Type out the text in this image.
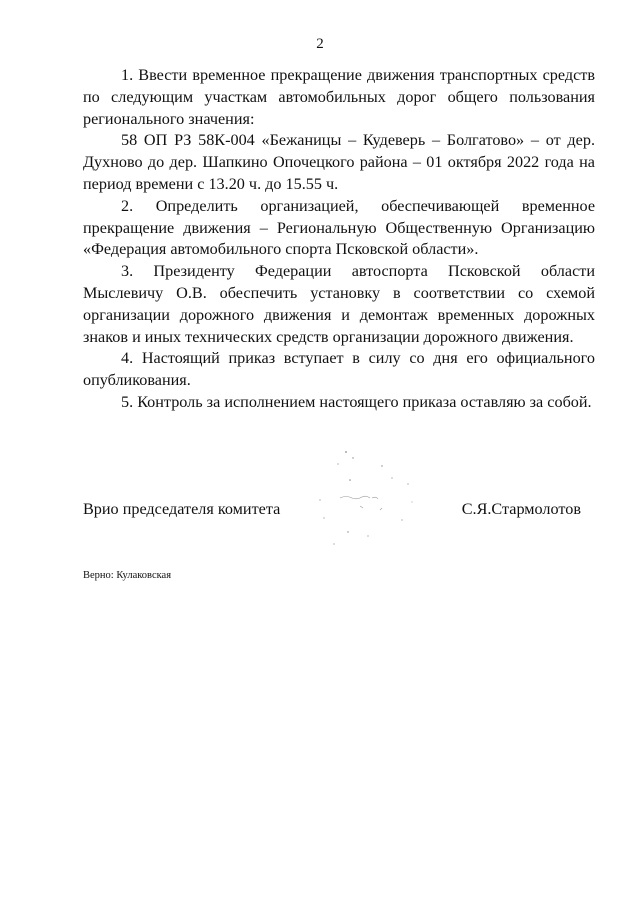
2

1. Ввести временное прекращение движения транспортных средств по следующим участкам автомобильных дорог общего пользования регионального значения:

58 ОП РЗ 58К-004 «Бежаницы – Кудеверь – Болгатово» – от дер. Духново до дер. Шапкино Опочецкого района – 01 октября 2022 года на период времени с 13.20 ч. до 15.55 ч.

2. Определить организацией, обеспечивающей временное прекращение движения – Региональную Общественную Организацию «Федерация автомобильного спорта Псковской области».

3. Президенту Федерации автоспорта Псковской области Мыслевичу О.В. обеспечить установку в соответствии со схемой организации дорожного движения и демонтаж временных дорожных знаков и иных технических средств организации дорожного движения.

4. Настоящий приказ вступает в силу со дня его официального опубликования.

5. Контроль за исполнением настоящего приказа оставляю за собой.

Врио председателя комитета	С.Я.Стармолотов
Верно: Кулаковская
